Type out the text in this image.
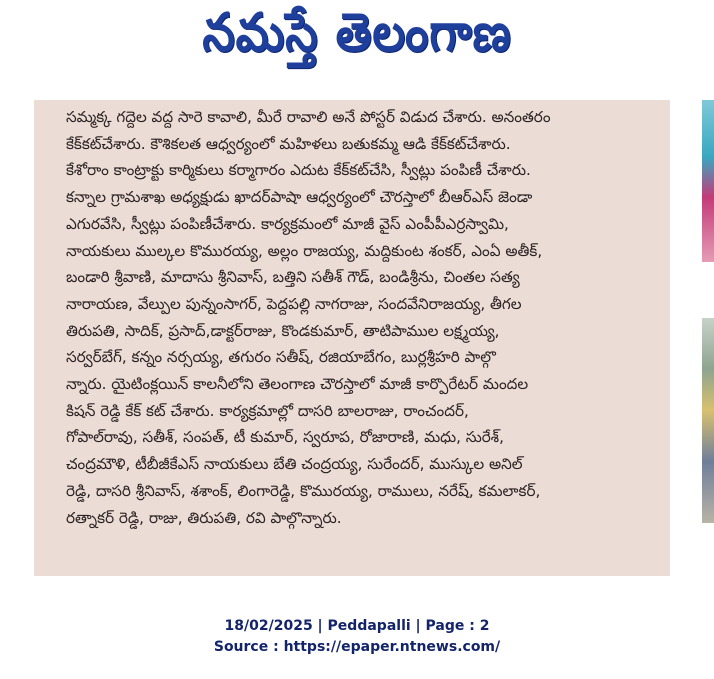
నమస్తే తెలంగాణ
సమ్మక్క గద్దెల వద్ద సారె కావాలి, మీరే రావాలి అనే పోస్టర్ విడుద చేశారు. అనంతరం
కేక్‌కట్‌చేశారు. కౌశికలత ఆధ్వర్యంలో మహిళలు బతుకమ్మ ఆడి కేక్‌కట్‌చేశారు.
కేశోరాం కాంట్రాక్టు కార్మికులు కర్మాగారం ఎదుట కేక్‌కట్‌చేసి, స్వీట్లు పంపిణీ చేశారు.
కన్నాల గ్రామశాఖ అధ్యక్షుడు ఖాదర్‌పాషా ఆధ్వర్యంలో చౌరస్తాలో బీఆర్ఎస్ జెండా
ఎగురవేసి, స్వీట్లు పంపిణీచేశారు. కార్యక్రమంలో మాజీ వైస్ ఎంపీపీ‌ఎర్రస్వామి,
నాయకులు ముల్కల కొమురయ్య, అల్లం రాజయ్య, మద్దికుంట శంకర్, ఎంఏ అతీక్,
బండారి శ్రీవాణి, మాదాసు శ్రీనివాస్, బత్తిని సతీశ్ గౌడ్, బండిశ్రీను, చింతల సత్య
నారాయణ, వేల్పుల పున్నంసాగర్, పెద్దపల్లి నాగరాజు, సందవేనిరాజయ్య, తీగల
తిరుపతి, సాదిక్, ప్రసాద్,డాక్టర్‌రాజు, కొండకుమార్, తాటిపాముల లక్ష్మయ్య,
సర్వర్‌బేగ్, కన్నం నర్సయ్య, తగురం సతీష్, రజియాబేగం, బుర్లశ్రీహరి పాల్గొ
న్నారు. యైటింక్లయిన్ కాలనీలోని తెలంగాణ చౌరస్తాలో మాజీ కార్పొరేటర్ మందల
కిషన్ రెడ్డి కేక్ కట్ చేశారు. కార్యక్రమాల్లో దాసరి బాలరాజు, రాంచందర్,
గోపాల్‌రావు, సతీశ్, సంపత్, టీ కుమార్, స్వరూప, రోజారాణి, మధు, సురేశ్,
చంద్రమౌళి, టీబీజీకేఎస్ నాయకులు బేతి చంద్రయ్య, సురేందర్, ముస్కుల అనిల్
రెడ్డి, దాసరి శ్రీనివాస్, శశాంక్, లింగారెడ్డి, కొమురయ్య, రాములు, నరేష్, కమలాకర్,
రత్నాకర్ రెడ్డి, రాజు, తిరుపతి, రవి పాల్గొన్నారు.
18/02/2025 | Peddapalli | Page : 2
Source : https://epaper.ntnews.com/
